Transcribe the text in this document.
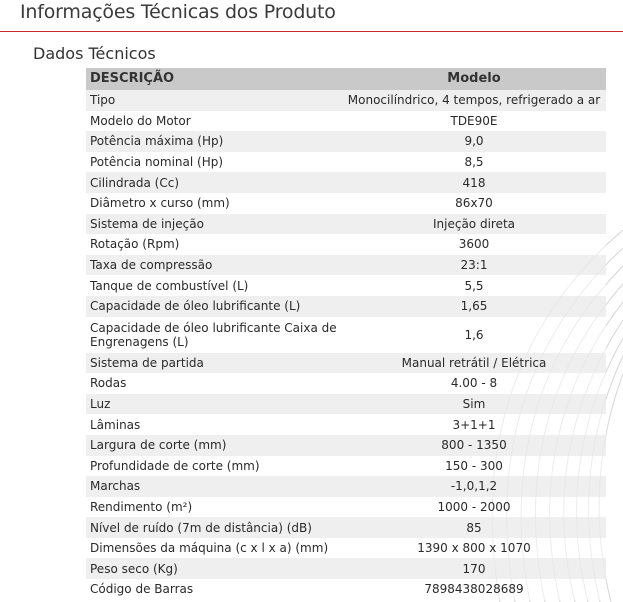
Informações Técnicas dos Produto
Dados Técnicos
DESCRIÇÃO	Modelo
Tipo	Monocilíndrico, 4 tempos, refrigerado a ar
Modelo do Motor	TDE90E
Potência máxima (Hp)	9,0
Potência nominal (Hp)	8,5
Cilindrada (Cc)	418
Diâmetro x curso (mm)	86x70
Sistema de injeção	Injeção direta
Rotação (Rpm)	3600
Taxa de compressão	23:1
Tanque de combustível (L)	5,5
Capacidade de óleo lubrificante (L)	1,65
Capacidade de óleo lubrificante Caixa de Engrenagens (L)	1,6
Sistema de partida	Manual retrátil / Elétrica
Rodas	4.00 - 8
Luz	Sim
Lâminas	3+1+1
Largura de corte (mm)	800 - 1350
Profundidade de corte (mm)	150 - 300
Marchas	-1,0,1,2
Rendimento (m²)	1000 - 2000
Nível de ruído (7m de distância) (dB)	85
Dimensões da máquina (c x l x a) (mm)	1390 x 800 x 1070
Peso seco (Kg)	170
Código de Barras	7898438028689
